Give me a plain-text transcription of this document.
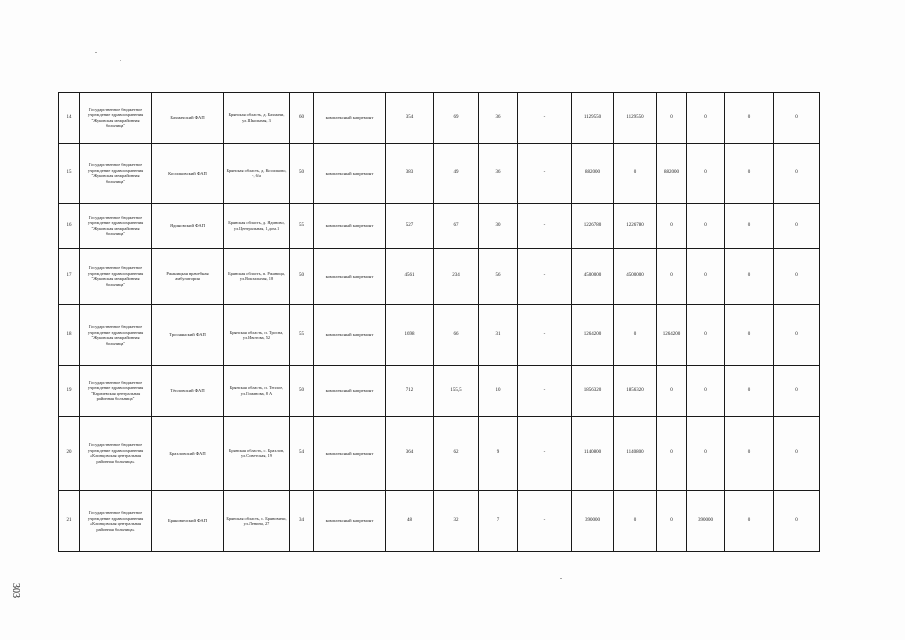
14	Государственное бюджетное учреждение здравоохранения "Жуковская межрайонная больница"	Бахмачский ФАП	Брянская область, д. Бахмачи, ул.Школьная, 3	60	комплексный капремонт	354	69	36	-	1129550	1129550	0	0	0	0
15	Государственное бюджетное учреждение здравоохранения "Жуковская межрайонная больница"	Косилковский ФАП	Брянская область, д. Косилково, -, 6/а	50	комплексный капремонт	383	49	36	-	882000	0	882000	0	0	0
16	Государственное бюджетное учреждение здравоохранения "Жуковская межрайонная больница"	Ядиновский ФАП	Брянская область, д. Ядиново, ул.Центральная, 1,дом.1	55	комплексный капремонт	527	67	30	-	1226780	1226780	0	0	0	0
17	Государственное бюджетное учреждение здравоохранения "Жуковская межрайонная больница"	Ржаницкая врачебная амбулатория	Брянская область, п. Ржаница, ул.Вокзальная, 18	50	комплексный капремонт	4561	234	56	-	4500000	4500000	0	0	0	0
18	Государственное бюджетное учреждение здравоохранения "Жуковская межрайонная больница"	Троснянский ФАП	Брянская область, п. Тросна, ул.Ивотова, 52	55	комплексный капремонт	1698	66	31	-	1264200	0	1264200	0	0	0
19	Государственное бюджетное учреждение здравоохранения "Карачевская центральная районная больница"	Тёпловский ФАП	Брянская область, п. Теплое, ул.Гоманова, 8 А	50	комплексный капремонт	712	155,5	10	-	1856320	1856320	0	0	0	0
20	Государственное бюджетное учреждение здравоохранения «Клинцовская центральная районная больница»	Брахловский ФАП	Брянская область, с. Брахлов, ул.Советская, 19	54	комплексный капремонт	364	62	9	-	1140800	1140800	0	0	0	0
21	Государственное бюджетное учреждение здравоохранения «Клинцовская центральная районная больница»	Бряновичский ФАП	Брянская область, с. Бряновичи, ул.Ленина, 27	34	комплексный капремонт	48	32	7	-	390000	0	0	390000	0	0
303
